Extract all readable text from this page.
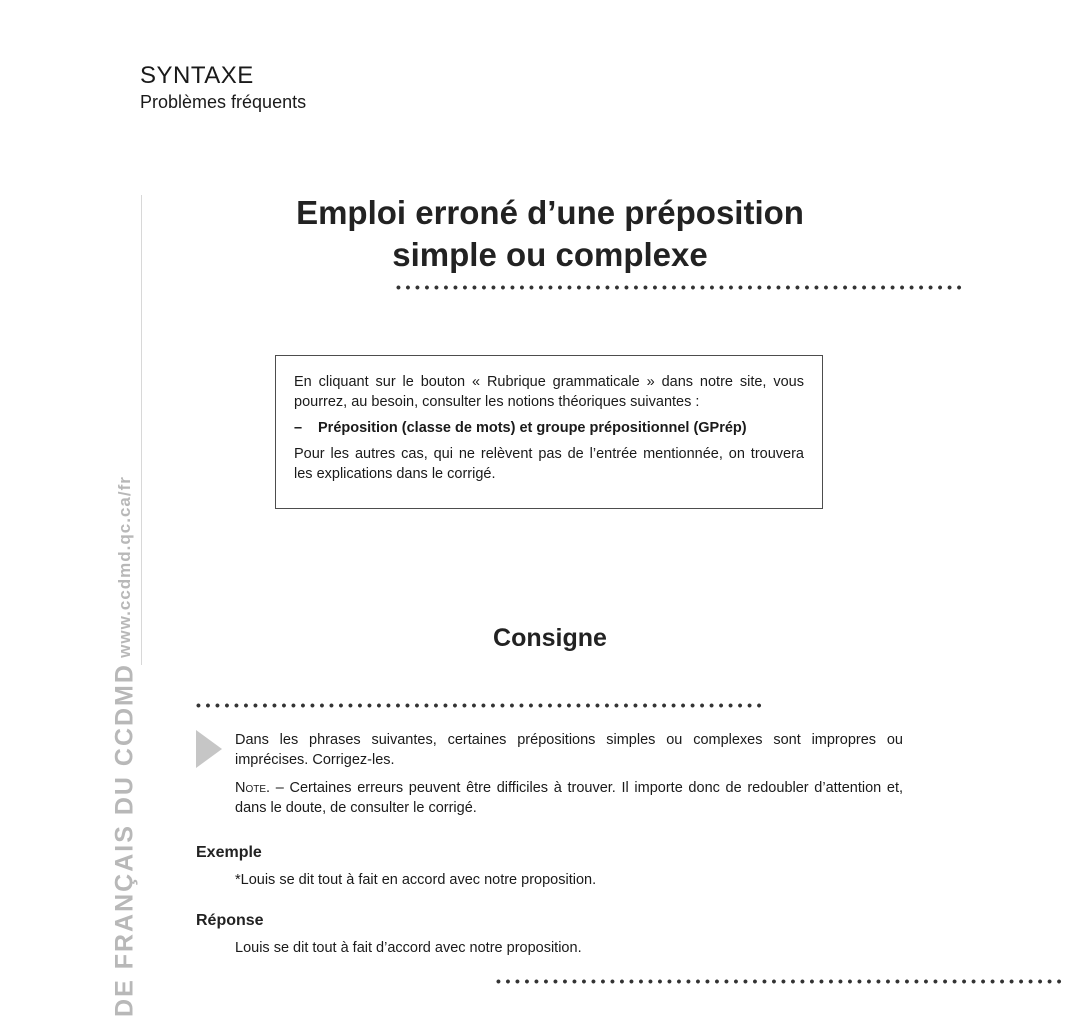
SYNTAXE
Problèmes fréquents
www.ccdmd.qc.ca/fr
DE FRANÇAIS DU CCDMD
Emploi erroné d’une préposition
simple ou complexe
••••••••••••••••••••••••••••••••••••••••••••••••••••••••••••

En cliquant sur le bouton « Rubrique grammaticale » dans notre site, vous pourrez, au besoin, consulter les notions théoriques suivantes :

–	Préposition (classe de mots) et groupe prépositionnel (GPrép)

Pour les autres cas, qui ne relèvent pas de l’entrée mentionnée, on trouvera les explications dans le corrigé.

Consigne
••••••••••••••••••••••••••••••••••••••••••••••••••••••••••••

Dans les phrases suivantes, certaines prépositions simples ou complexes sont impropres ou imprécises. Corrigez-les.

Note. – Certaines erreurs peuvent être difficiles à trouver. Il importe donc de redoubler d’attention et, dans le doute, de consulter le corrigé.

Exemple
*Louis se dit tout à fait en accord avec notre proposition.
Réponse
Louis se dit tout à fait d’accord avec notre proposition.
••••••••••••••••••••••••••••••••••••••••••••••••••••••••••••
